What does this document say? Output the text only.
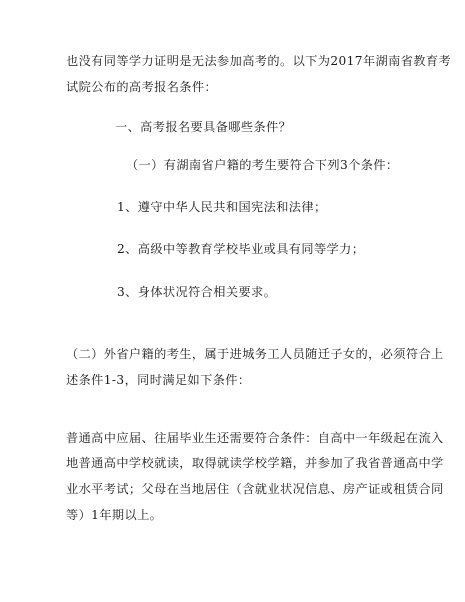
也没有同等学力证明是无法参加高考的。以下为2017年湖南省教育考
试院公布的高考报名条件：
一、高考报名要具备哪些条件？
（一）有湖南省户籍的考生要符合下列3个条件：
1、遵守中华人民共和国宪法和法律；
2、高级中等教育学校毕业或具有同等学力；
3、身体状况符合相关要求。
（二）外省户籍的考生，属于进城务工人员随迁子女的，必须符合上
述条件1-3，同时满足如下条件：
普通高中应届、往届毕业生还需要符合条件：自高中一年级起在流入
地普通高中学校就读，取得就读学校学籍，并参加了我省普通高中学
业水平考试；父母在当地居住（含就业状况信息、房产证或租赁合同
等）1年期以上。
